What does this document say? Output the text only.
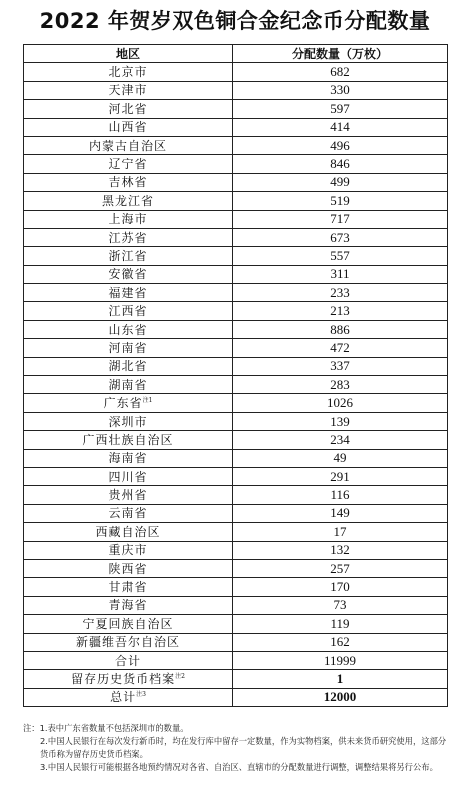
2022 年贺岁双色铜合金纪念币分配数量
地区	分配数量（万枚）
北京市	682
天津市	330
河北省	597
山西省	414
内蒙古自治区	496
辽宁省	846
吉林省	499
黑龙江省	519
上海市	717
江苏省	673
浙江省	557
安徽省	311
福建省	233
江西省	213
山东省	886
河南省	472
湖北省	337
湖南省	283
广东省$^{注1}$	1026
深圳市	139
广西壮族自治区	234
海南省	49
四川省	291
贵州省	116
云南省	149
西藏自治区	17
重庆市	132
陕西省	257
甘肃省	170
青海省	73
宁夏回族自治区	119
新疆维吾尔自治区	162
合计	11999
留存历史货币档案$^{注2}$	1
总计$^{注3}$	12000

注：1.表中广东省数量不包括深圳市的数量。

2.中国人民银行在每次发行新币时，均在发行库中留存一定数量，作为实物档案，供未来货币研究使用，这部分货币称为留存历史货币档案。

3.中国人民银行可能根据各地预约情况对各省、自治区、直辖市的分配数量进行调整，调整结果将另行公布。
